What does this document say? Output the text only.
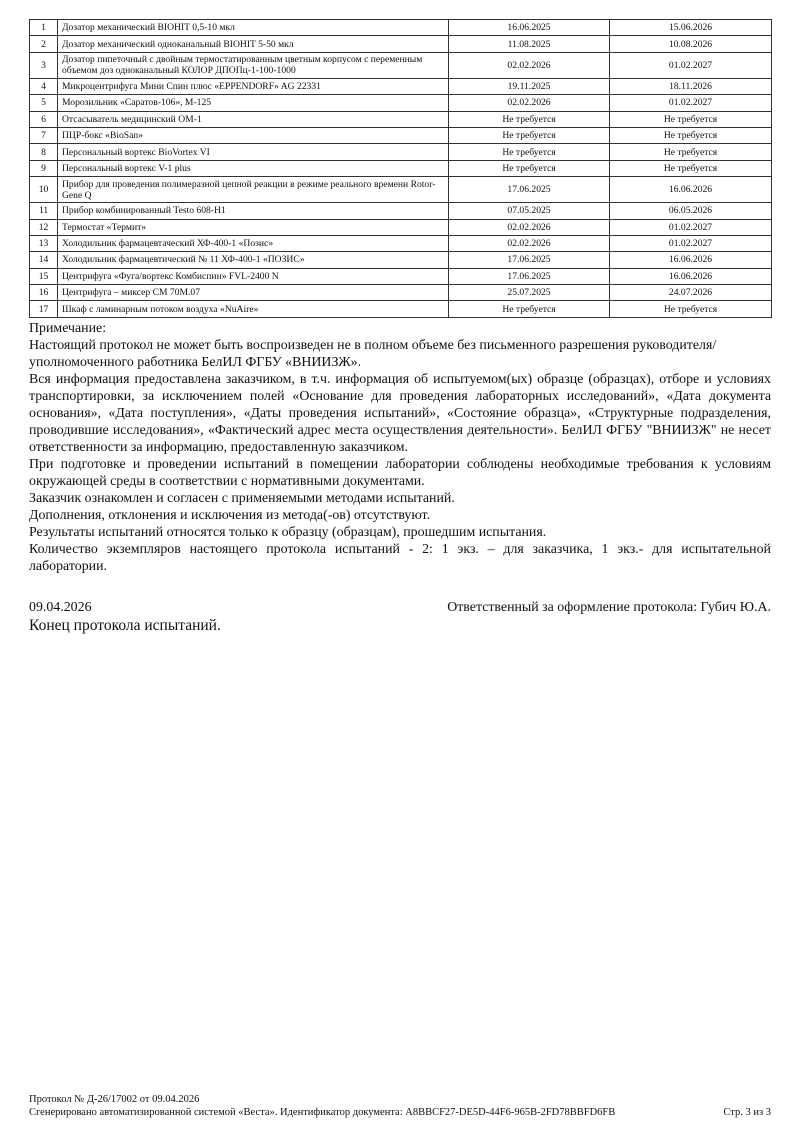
1	Дозатор механический BIOHIT 0,5-10 мкл	16.06.2025	15.06.2026
2	Дозатор механический одноканальный BIOHIT 5-50 мкл	11.08.2025	10.08.2026
3	Дозатор пипеточный с двойным термостатированным цветным корпусом с переменным объемом доз одноканальный КОЛОР ДПОПц-1-100-1000	02.02.2026	01.02.2027
4	Микроцентрифуга Мини Спин плюс «EPPENDORF» AG 22331	19.11.2025	18.11.2026
5	Морозильник «Саратов-106», М-125	02.02.2026	01.02.2027
6	Отсасыватель медицинский ОМ-1	Не требуется	Не требуется
7	ПЦР-бокс «BioSan»	Не требуется	Не требуется
8	Персональный вортекс BioVortex VI	Не требуется	Не требуется
9	Персональный вортекс V-1 plus	Не требуется	Не требуется
10	Прибор для проведения полимеразной цепной реакции в режиме реального времени Rotor-Gene Q	17.06.2025	16.06.2026
11	Прибор комбинированный Testo 608-H1	07.05.2025	06.05.2026
12	Термостат «Термит»	02.02.2026	01.02.2027
13	Холодильник фармацевтаческий ХФ-400-1 «Позис»	02.02.2026	01.02.2027
14	Холодильник фармацевтический № 11 ХФ-400-1 «ПОЗИС»	17.06.2025	16.06.2026
15	Центрифуга «Фуга/вортекс Комбиспин» FVL-2400 N	17.06.2025	16.06.2026
16	Центрифуга – миксер СМ 70М.07	25.07.2025	24.07.2026
17	Шкаф с ламинарным потоком воздуха «NuAire»	Не требуется	Не требуется

Примечание:

Настоящий протокол не может быть воспроизведен не в полном объеме без письменного разрешения руководителя/уполномоченного работника БелИЛ ФГБУ «ВНИИЗЖ».

Вся информация предоставлена заказчиком, в т.ч. информация об испытуемом(ых) образце (образцах), отборе и условиях транспортировки, за исключением полей «Основание для проведения лабораторных исследований», «Дата документа основания», «Дата поступления», «Даты проведения испытаний», «Состояние образца», «Структурные подразделения, проводившие исследования», «Фактический адрес места осуществления деятельности». БелИЛ ФГБУ "ВНИИЗЖ" не несет ответственности за информацию, предоставленную заказчиком.

При подготовке и проведении испытаний в помещении лаборатории соблюдены необходимые требования к условиям окружающей среды в соответствии с нормативными документами.

Заказчик ознакомлен и согласен с применяемыми методами испытаний.

Дополнения, отклонения и исключения из метода(-ов) отсутствуют.

Результаты испытаний относятся только к образцу (образцам), прошедшим испытания.

Количество экземпляров настоящего протокола испытаний - 2: 1 экз. – для заказчика, 1 экз.- для испытательной лаборатории.

09.04.2026	Ответственный за оформление протокола: Губич Ю.А.
Конец протокола испытаний.
Протокол № Д-26/17002 от 09.04.2026
Сгенерировано автоматизированной системой «Веста». Идентификатор документа: A8BBCF27-DE5D-44F6-965B-2FD78BBFD6FB	Стр. 3 из 3
